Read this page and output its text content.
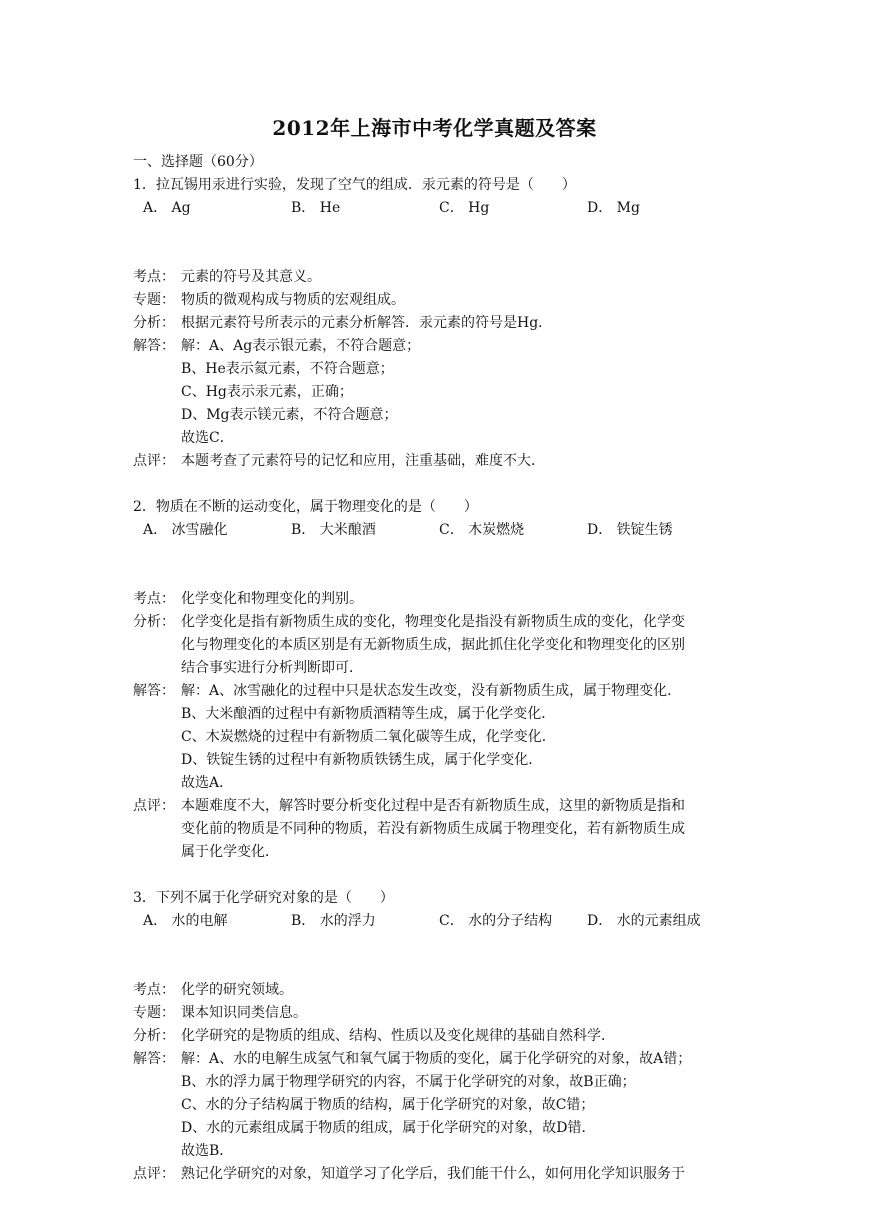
2012年上海市中考化学真题及答案
一、选择题（60分）
1．拉瓦锡用汞进行实验，发现了空气的组成．汞元素的符号是（　　）
A． Ag	B． He	C． Hg	D． Mg
考点： 元素的符号及其意义。
专题： 物质的微观构成与物质的宏观组成。
分析： 根据元素符号所表示的元素分析解答．汞元素的符号是Hg．
解答： 解：A、Ag表示银元素，不符合题意；
B、He表示氦元素，不符合题意；
C、Hg表示汞元素，正确；
D、Mg表示镁元素，不符合题意；
故选C．
点评： 本题考查了元素符号的记忆和应用，注重基础，难度不大．
2．物质在不断的运动变化，属于物理变化的是（　　）
A． 冰雪融化	B． 大米酿酒	C． 木炭燃烧	D． 铁锭生锈
考点： 化学变化和物理变化的判别。
分析： 化学变化是指有新物质生成的变化，物理变化是指没有新物质生成的变化，化学变
化与物理变化的本质区别是有无新物质生成，据此抓住化学变化和物理变化的区别
结合事实进行分析判断即可．
解答： 解：A、冰雪融化的过程中只是状态发生改变，没有新物质生成，属于物理变化．
B、大米酿酒的过程中有新物质酒精等生成，属于化学变化．
C、木炭燃烧的过程中有新物质二氧化碳等生成，化学变化．
D、铁锭生锈的过程中有新物质铁锈生成，属于化学变化．
故选A．
点评： 本题难度不大，解答时要分析变化过程中是否有新物质生成，这里的新物质是指和
变化前的物质是不同种的物质，若没有新物质生成属于物理变化，若有新物质生成
属于化学变化．
3．下列不属于化学研究对象的是（　　）
A． 水的电解	B． 水的浮力	C． 水的分子结构	D． 水的元素组成
考点： 化学的研究领域。
专题： 课本知识同类信息。
分析： 化学研究的是物质的组成、结构、性质以及变化规律的基础自然科学．
解答： 解：A、水的电解生成氢气和氧气属于物质的变化，属于化学研究的对象，故A错；
B、水的浮力属于物理学研究的内容，不属于化学研究的对象，故B正确；
C、水的分子结构属于物质的结构，属于化学研究的对象，故C错；
D、水的元素组成属于物质的组成，属于化学研究的对象，故D错．
故选B．
点评： 熟记化学研究的对象，知道学习了化学后，我们能干什么，如何用化学知识服务于
